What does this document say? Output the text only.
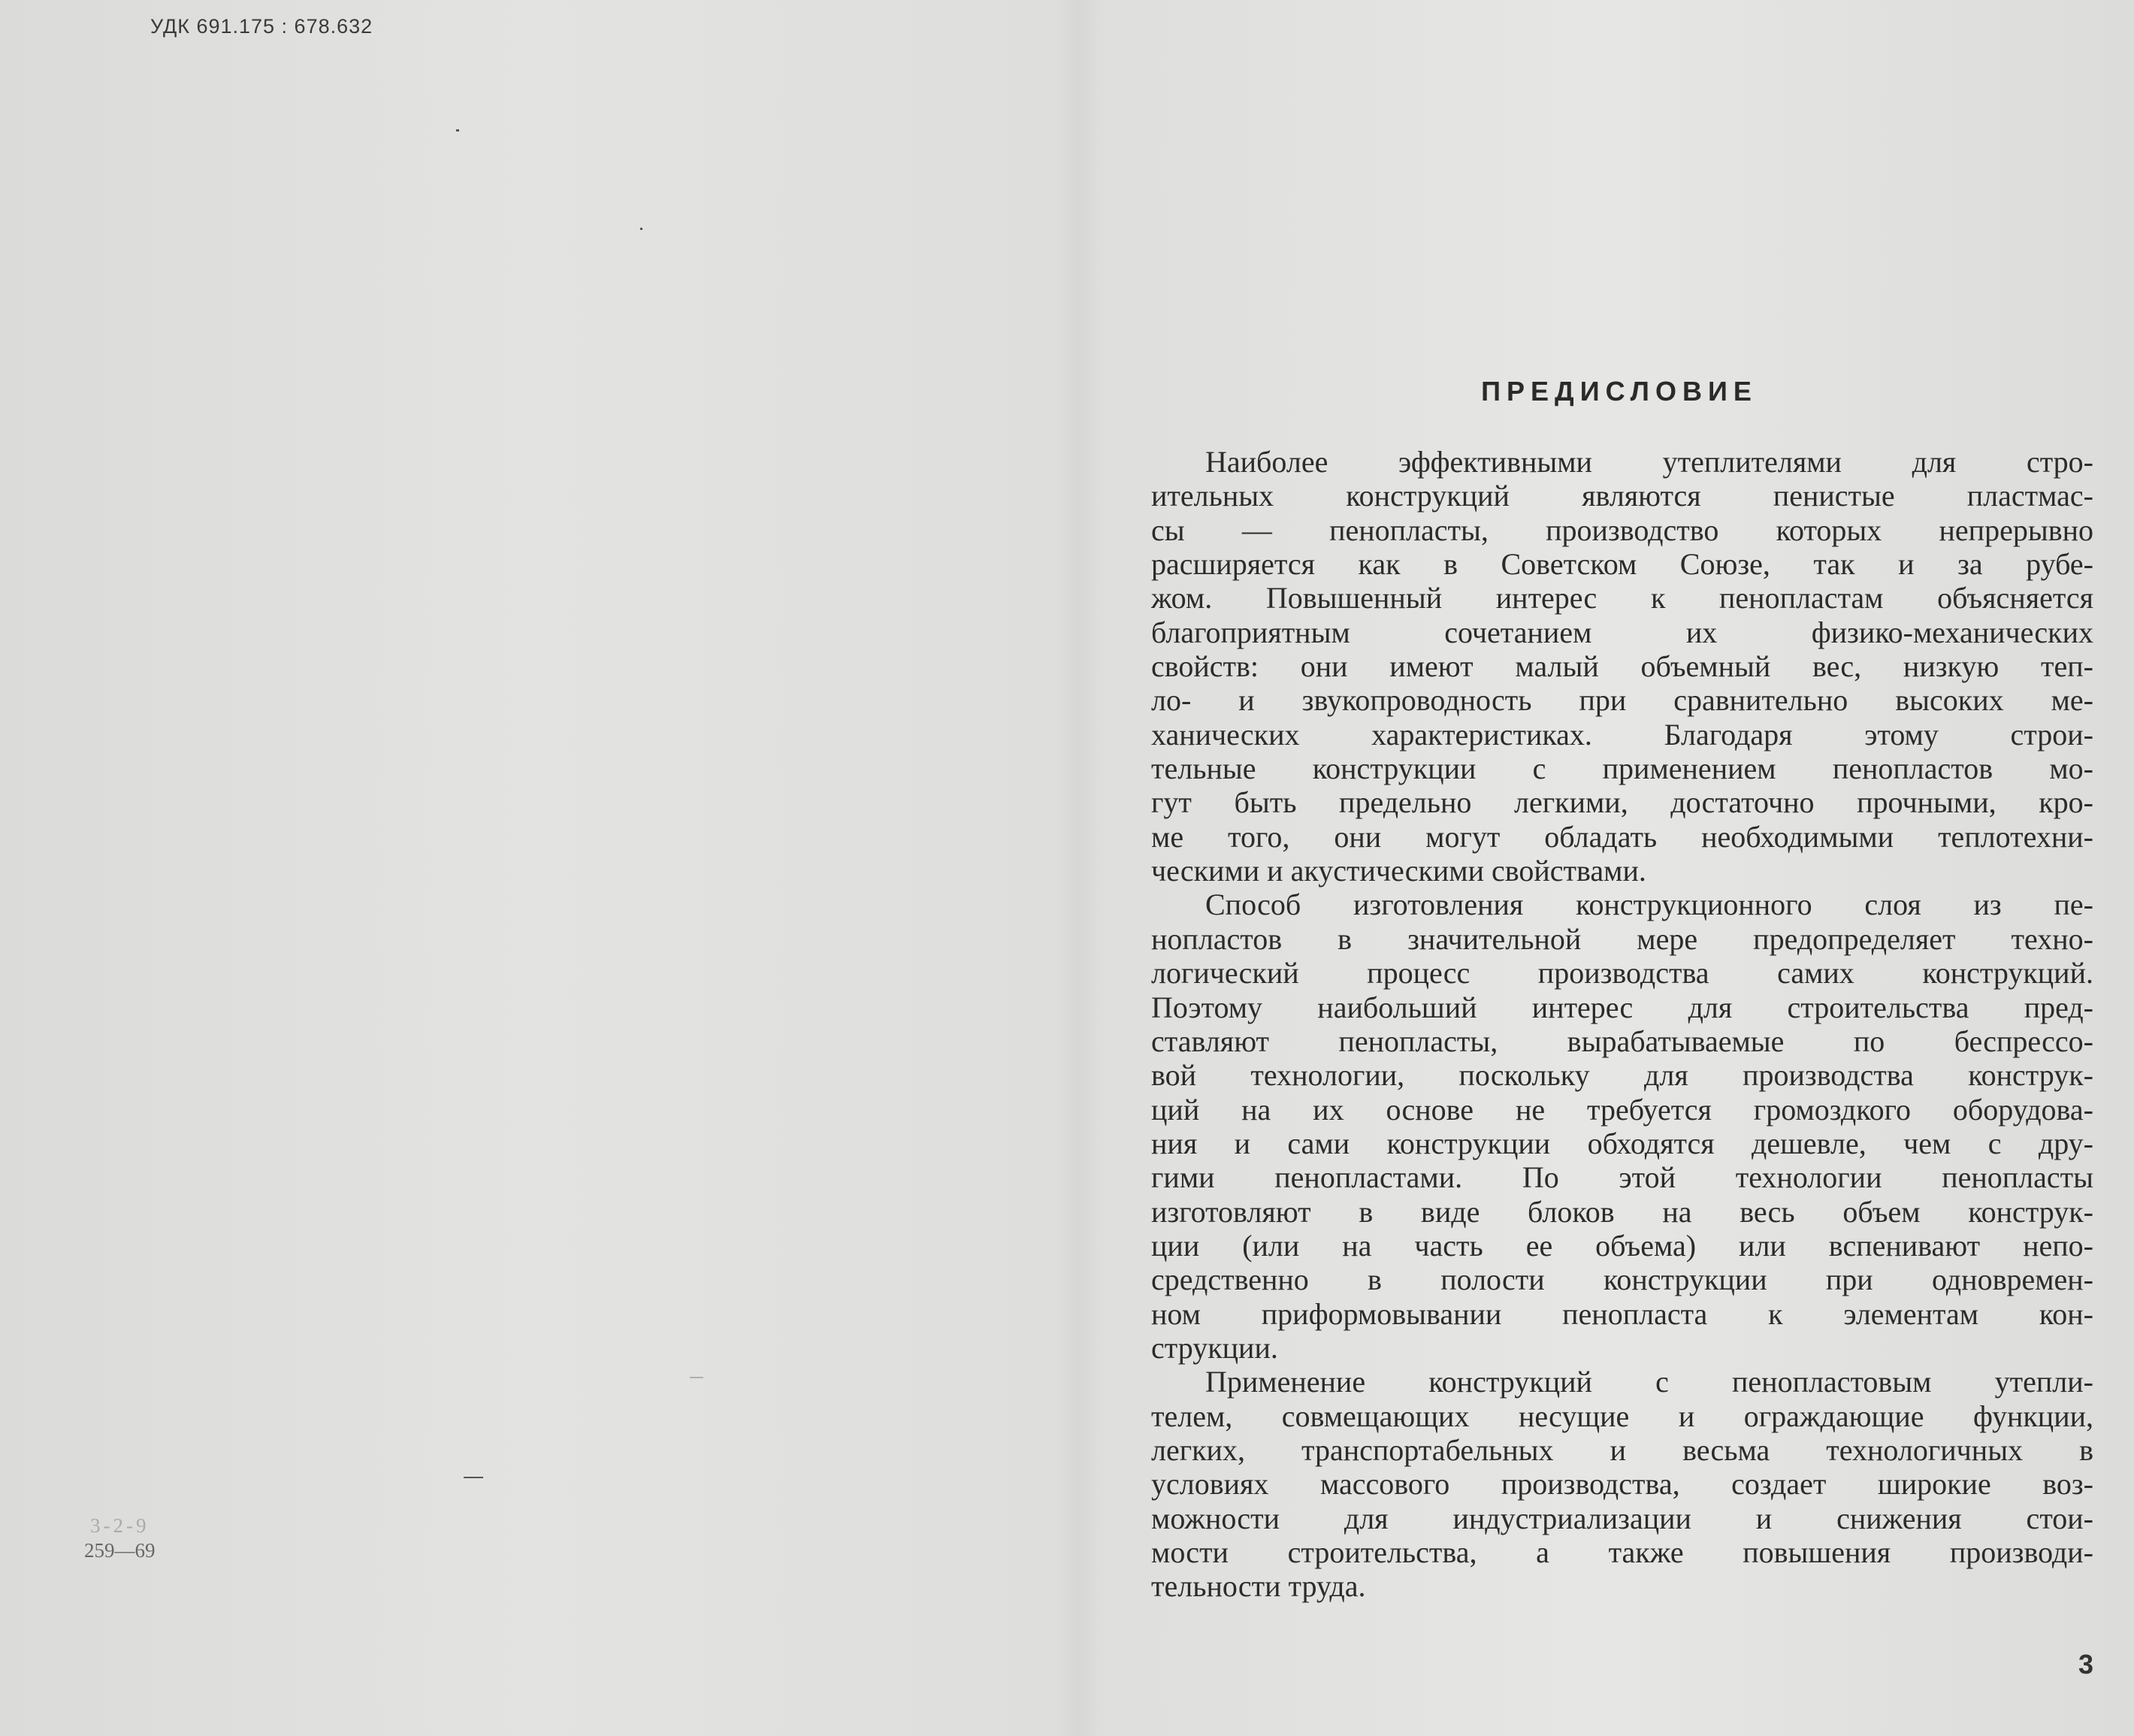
УДК 691.175 : 678.632
3-2-9
259—69
ПРЕДИСЛОВИЕ
Наиболее эффективными утеплителями для стро-
ительных конструкций являются пенистые пластмас-
сы — пенопласты, производство которых непрерывно
расширяется как в Советском Союзе, так и за рубе-
жом. Повышенный интерес к пенопластам объясняется
благоприятным сочетанием их физико-механических
свойств: они имеют малый объемный вес, низкую теп-
ло- и звукопроводность при сравнительно высоких ме-
ханических характеристиках. Благодаря этому строи-
тельные конструкции с применением пенопластов мо-
гут быть предельно легкими, достаточно прочными, кро-
ме того, они могут обладать необходимыми теплотехни-
ческими и акустическими свойствами.
Способ изготовления конструкционного слоя из пе-
нопластов в значительной мере предопределяет техно-
логический процесс производства самих конструкций.
Поэтому наибольший интерес для строительства пред-
ставляют пенопласты, вырабатываемые по беспрессо-
вой технологии, поскольку для производства конструк-
ций на их основе не требуется громоздкого оборудова-
ния и сами конструкции обходятся дешевле, чем с дру-
гими пенопластами. По этой технологии пенопласты
изготовляют в виде блоков на весь объем конструк-
ции (или на часть ее объема) или вспенивают непо-
средственно в полости конструкции при одновремен-
ном приформовывании пенопласта к элементам кон-
струкции.
Применение конструкций с пенопластовым утепли-
телем, совмещающих несущие и ограждающие функции,
легких, транспортабельных и весьма технологичных в
условиях массового производства, создает широкие воз-
можности для индустриализации и снижения стои-
мости строительства, а также повышения производи-
тельности труда.
3
